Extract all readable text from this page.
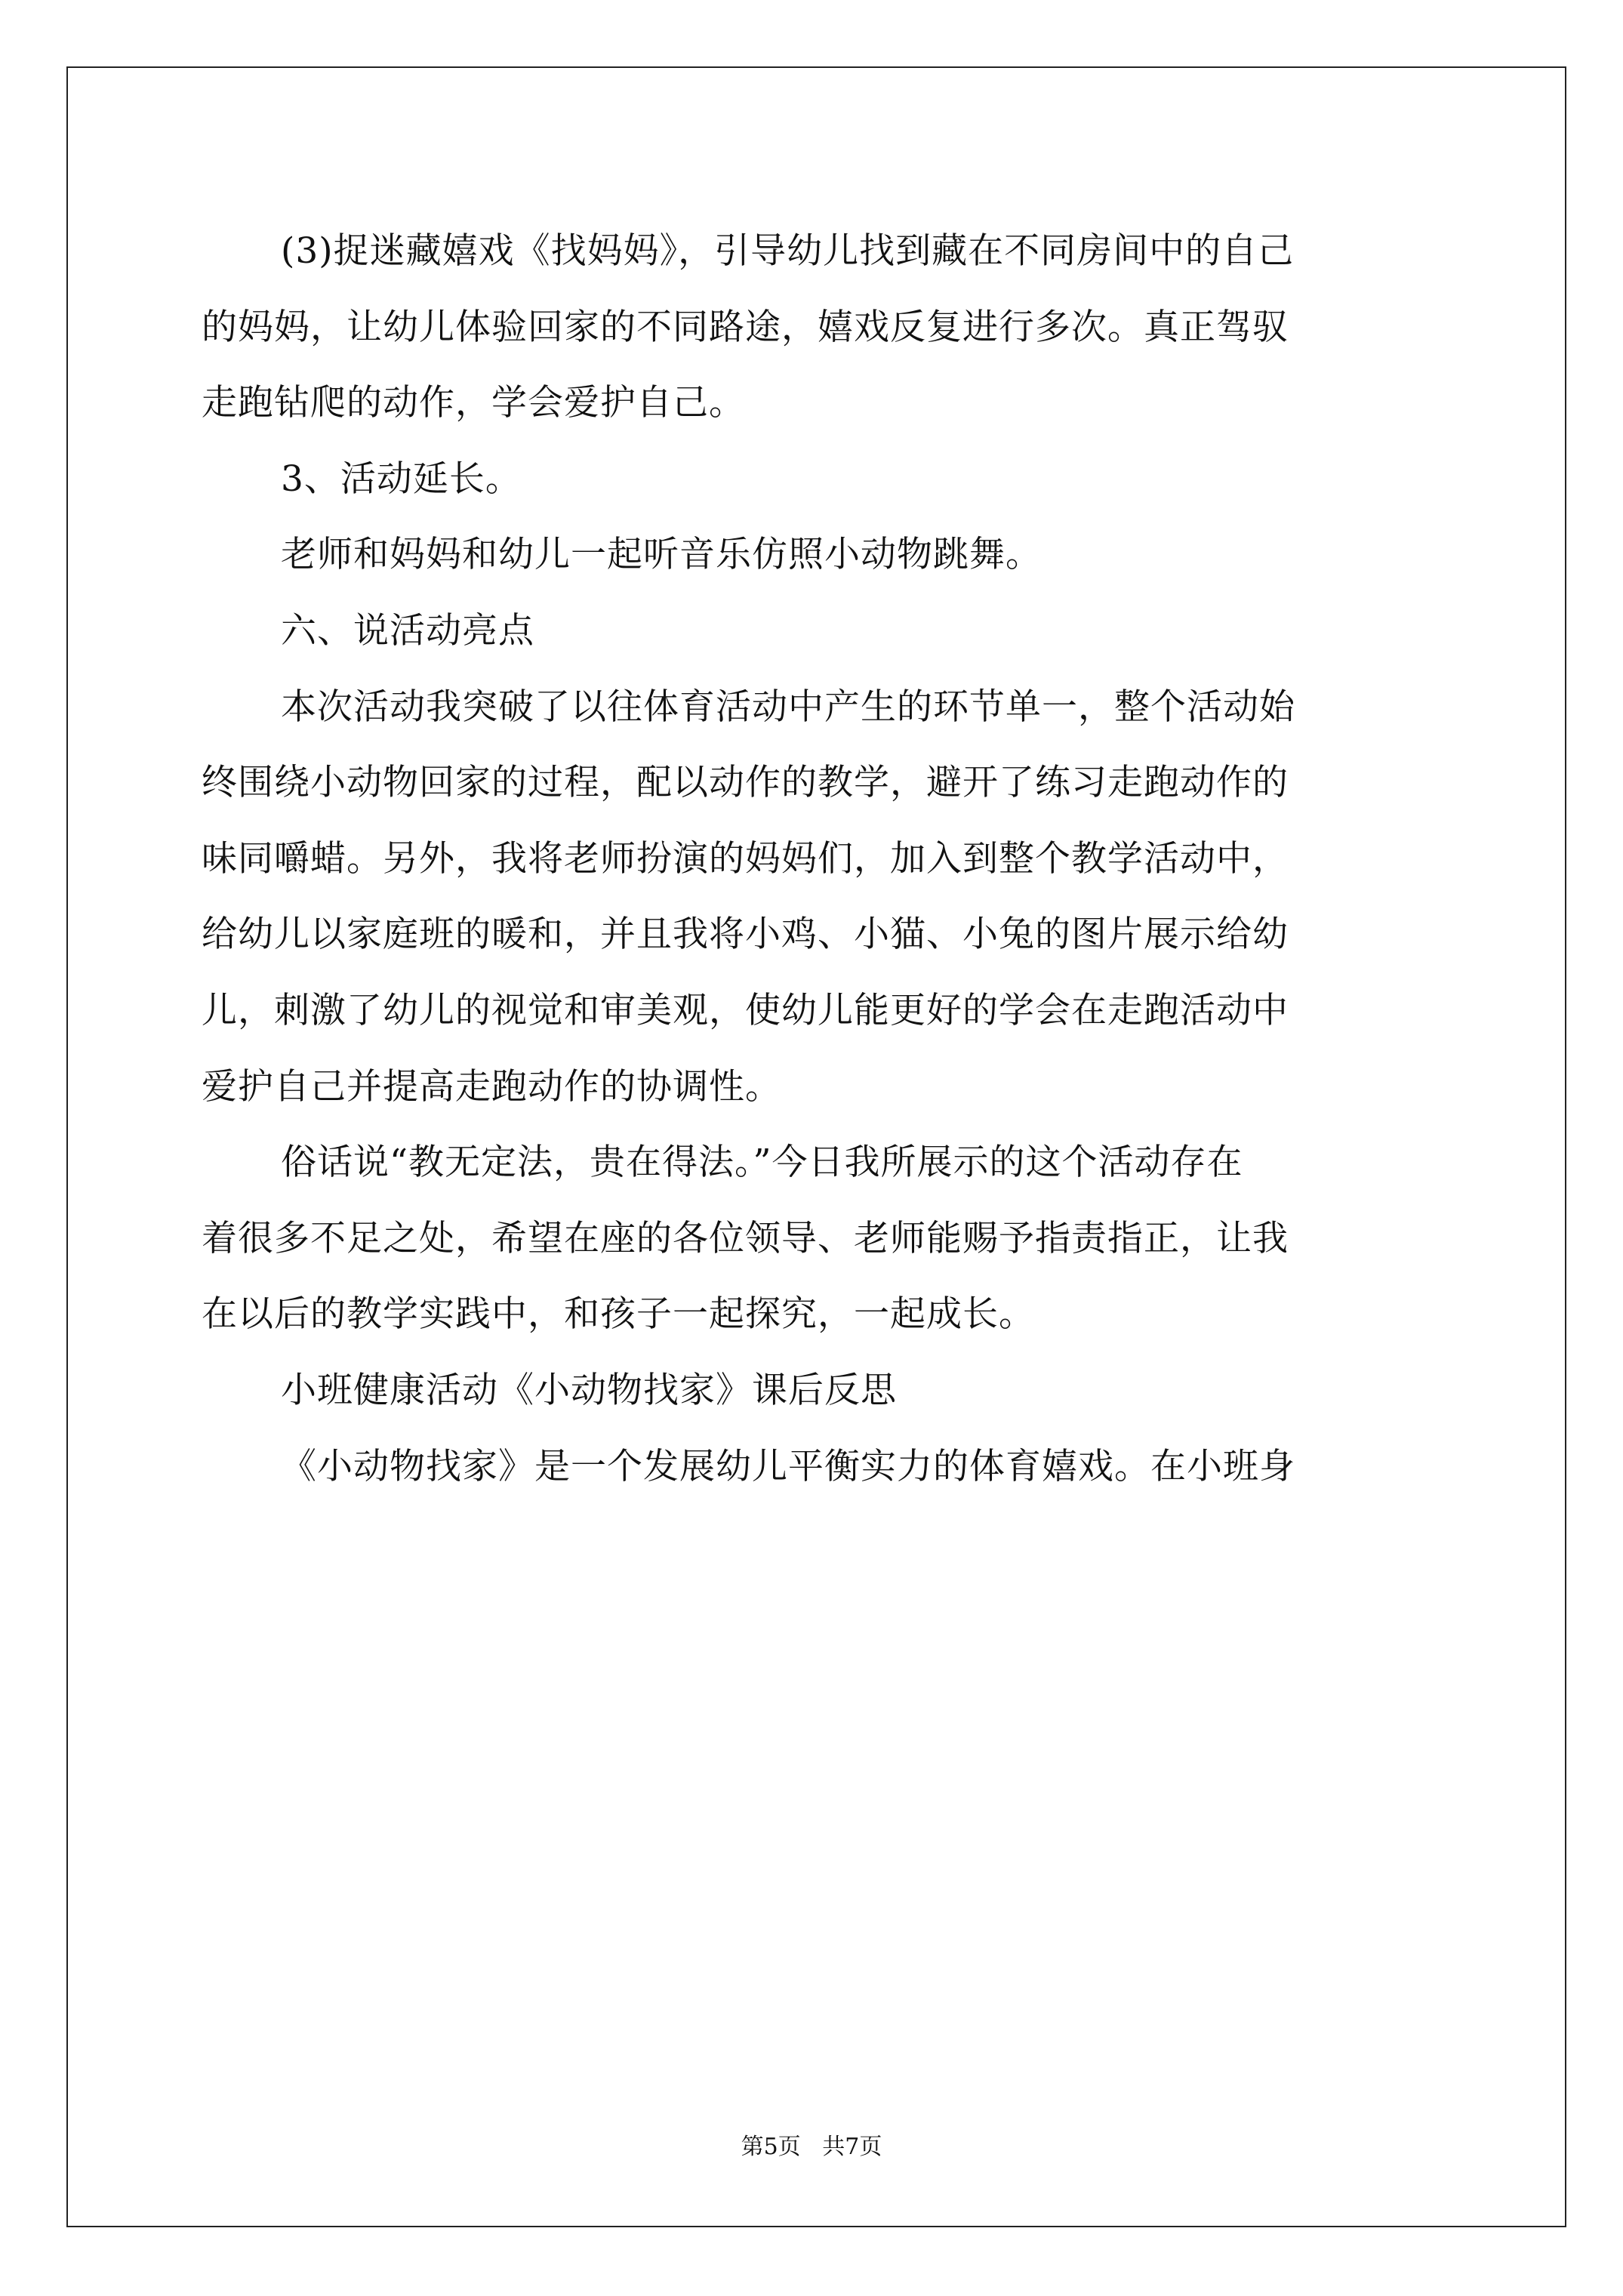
(3)捉迷藏嬉戏《找妈妈》，引导幼儿找到藏在不同房间中的自己
的妈妈，让幼儿体验回家的不同路途，嬉戏反复进行多次。真正驾驭
走跑钻爬的动作，学会爱护自己。
3、活动延长。
老师和妈妈和幼儿一起听音乐仿照小动物跳舞。
六、说活动亮点
本次活动我突破了以往体育活动中产生的环节单一，整个活动始
终围绕小动物回家的过程，配以动作的教学，避开了练习走跑动作的
味同嚼蜡。另外，我将老师扮演的妈妈们，加入到整个教学活动中，
给幼儿以家庭班的暖和，并且我将小鸡、小猫、小兔的图片展示给幼
儿，刺激了幼儿的视觉和审美观，使幼儿能更好的学会在走跑活动中
爱护自己并提高走跑动作的协调性。
俗话说“教无定法，贵在得法。”今日我所展示的这个活动存在
着很多不足之处，希望在座的各位领导、老师能赐予指责指正，让我
在以后的教学实践中，和孩子一起探究，一起成长。
小班健康活动《小动物找家》课后反思
《小动物找家》是一个发展幼儿平衡实力的体育嬉戏。在小班身
第5页   共7页
